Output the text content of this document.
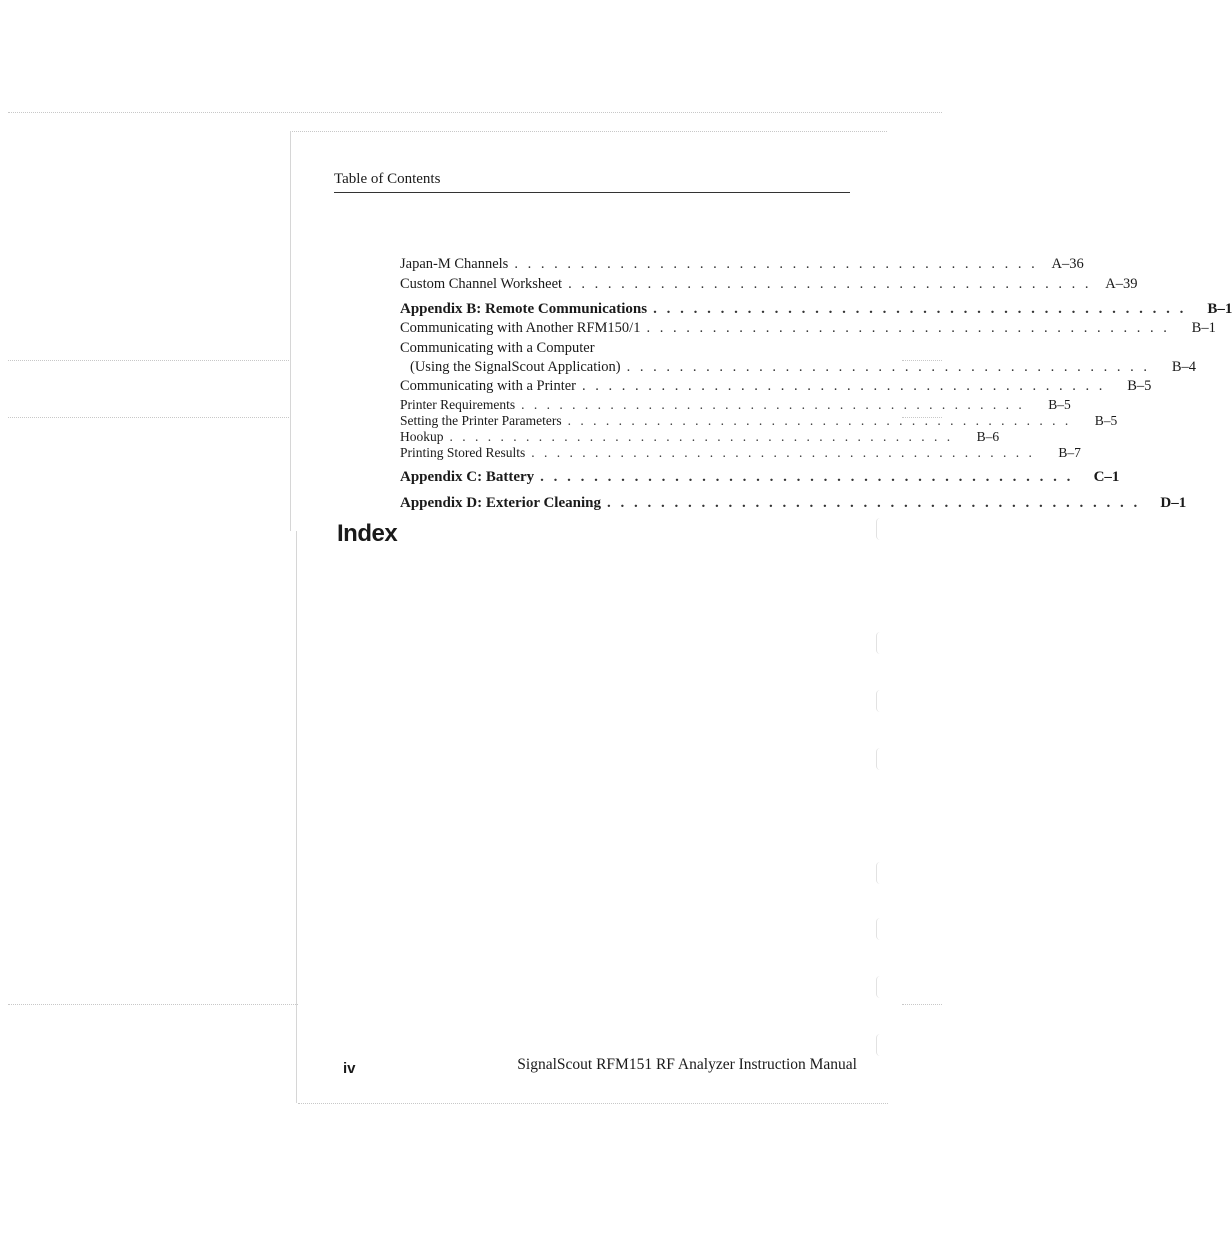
Table of Contents
Japan-M Channels . . . . . . . . . . . . . . . . . . . . . . . . . . . . . . . . . . . . . . . . A–36
Custom Channel Worksheet . . . . . . . . . . . . . . . . . . . . . . . . . . . . . . . . . . . . . . . . A–39
Appendix B: Remote Communications . . . . . . . . . . . . . . . . . . . . . . . . . . . . . . . . . . . . . . . .	B–1
Communicating with Another RFM150/1 . . . . . . . . . . . . . . . . . . . . . . . . . . . . . . . . . . . . . . . .	B–1
Communicating with a Computer
(Using the SignalScout Application) . . . . . . . . . . . . . . . . . . . . . . . . . . . . . . . . . . . . . . . .	B–4
Communicating with a Printer . . . . . . . . . . . . . . . . . . . . . . . . . . . . . . . . . . . . . . . .	B–5
Printer Requirements . . . . . . . . . . . . . . . . . . . . . . . . . . . . . . . . . . . . . . . .	B–5
Setting the Printer Parameters . . . . . . . . . . . . . . . . . . . . . . . . . . . . . . . . . . . . . . . .	B–5
Hookup . . . . . . . . . . . . . . . . . . . . . . . . . . . . . . . . . . . . . . . .	B–6
Printing Stored Results . . . . . . . . . . . . . . . . . . . . . . . . . . . . . . . . . . . . . . . .	B–7
Appendix C: Battery . . . . . . . . . . . . . . . . . . . . . . . . . . . . . . . . . . . . . . . .	C–1
Appendix D: Exterior Cleaning . . . . . . . . . . . . . . . . . . . . . . . . . . . . . . . . . . . . . . . .	D–1
Index
iv	SignalScout RFM151 RF Analyzer Instruction Manual
